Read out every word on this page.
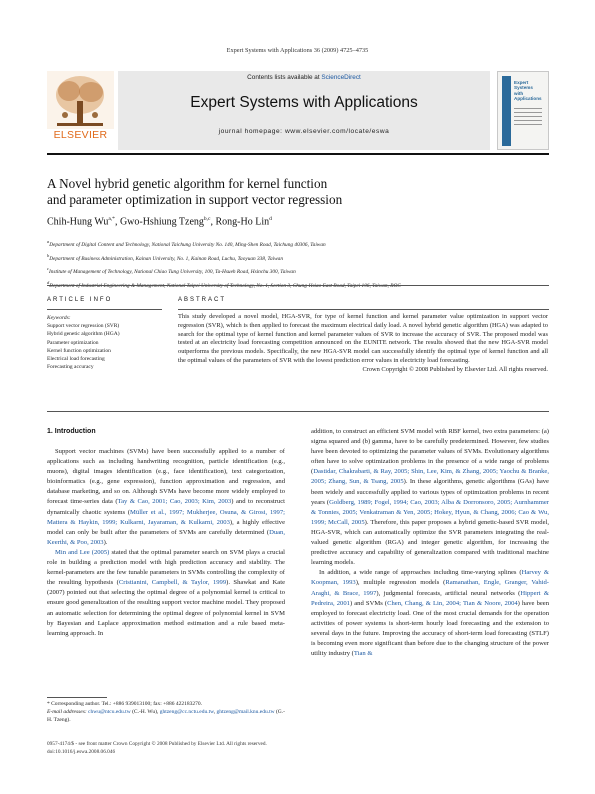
Expert Systems with Applications 36 (2009) 4725–4735
ELSEVIER
Contents lists available at ScienceDirect
Expert Systems with Applications
journal homepage: www.elsevier.com/locate/eswa
Expert
Systems
with
Applications
A Novel hybrid genetic algorithm for kernel function
and parameter optimization in support vector regression
Chih-Hung $Wu^{a,*}$, Gwo-Hshiung Tzeng$^{b,c}$, Rong-Ho Lin$^d$
$^a$Department of Digital Content and Technology, National Taichung University No. 140, Ming-Shen Road, Taichung 40306, Taiwan
$^b$Department of Business Administration, Kainan University, No. 1, Kainan Road, Luchu, Taoyuan 338, Taiwan
$^c$Institute of Management of Technology, National Chiao Tung University, 100, Ta-Hsueh Road, Hsinchu 300, Taiwan
$^d$Department of Industrial Engineering & Management, National Taipei University of Technology, No. 1, Section 3, Chung-Hsiao East Road, Taipei 106, Taiwan, ROC
ARTICLE INFO
Keywords:
Support vector regression (SVR)
Hybrid genetic algorithm (HGA)
Parameter optimization
Kernel function optimization
Electrical load forecasting
Forecasting accuracy
ABSTRACT
This study developed a novel model, HGA-SVR, for type of kernel function and kernel parameter value optimization in support vector regression (SVR), which is then applied to forecast the maximum electrical daily load. A novel hybrid genetic algorithm (HGA) was adapted to search for the optimal type of kernel function and kernel parameter values of SVR to increase the accuracy of SVR. The proposed model was tested at an electricity load forecasting competition announced on the EUNITE network. The results showed that the new HGA-SVR model outperforms the previous models. Specifically, the new HGA-SVR model can successfully identify the optimal type of kernel function and all the optimal values of the parameters of SVR with the lowest prediction error values in electricity load forecasting.
Crown Copyright © 2008 Published by Elsevier Ltd. All rights reserved.
1. Introduction

Support vector machines (SVMs) have been successfully applied to a number of applications such as including handwriting recognition, particle identification (e.g., muons), digital images identification (e.g., face identification), text categorization, bioinformatics (e.g., gene expression), function approximation and regression, and database marketing, and so on. Although SVMs have become more widely employed to forecast time-series data (Tay & Cao, 2001; Cao, 2003; Kim, 2003) and to reconstruct dynamically chaotic systems (Müller et al., 1997; Mukherjee, Osuna, & Girosi, 1997; Mattera & Haykin, 1999; Kulkarni, Jayaraman, & Kulkarni, 2003), a highly effective model can only be built after the parameters of SVMs are carefully determined (Duan, Keerthi, & Poo, 2003).

Min and Lee (2005) stated that the optimal parameter search on SVM plays a crucial role in building a prediction model with high prediction accuracy and stability. The kernel-parameters are the few tunable parameters in SVMs controlling the complexity of the resulting hypothesis (Cristianini, Campbell, & Taylor, 1999). Shawkat and Kate (2007) pointed out that selecting the optimal degree of a polynomial kernel is critical to ensure good generalization of the resulting support vector machine model. They proposed an automatic selection for determining the optimal degree of polynomial kernel in SVM by Bayesian and Laplace approximation method estimation and a rule based meta-learning approach. In

addition, to construct an efficient SVM model with RBF kernel, two extra parameters: (a) sigma squared and (b) gamma, have to be carefully predetermined. However, few studies have been devoted to optimizing the parameter values of SVMs. Evolutionary algorithms often have to solve optimization problems in the presence of a wide range of problems (Dastidar, Chakrabarti, & Ray, 2005; Shin, Lee, Kim, & Zhang, 2005; Yaochu & Branke, 2005; Zhang, Sun, & Tsang, 2005). In these algorithms, genetic algorithms (GAs) have been widely and successfully applied to various types of optimization problems in recent years (Goldberg, 1989; Fogel, 1994; Cao, 2003; Alba & Dorronsoro, 2005; Aurnhammer & Tonnies, 2005; Venkatraman & Yen, 2005; Hokey, Hyun, & Chang, 2006; Cao & Wu, 1999; McCall, 2005). Therefore, this paper proposes a hybrid genetic-based SVR model, HGA-SVR, which can automatically optimize the SVR parameters integrating the real-valued genetic algorithm (RGA) and integer genetic algorithm, for increasing the predictive accuracy and capability of generalization compared with traditional machine learning models.

In addition, a wide range of approaches including time-varying splines (Harvey & Koopman, 1993), multiple regression models (Ramanathan, Engle, Granger, Vahid-Araghi, & Brace, 1997), judgmental forecasts, artificial neural networks (Hippert & Pedreira, 2001) and SVMs (Chen, Chang, & Lin, 2004; Tian & Noore, 2004) have been employed to forecast electricity load. One of the most crucial demands for the operation activities of power systems is short-term hourly load forecasting and the extension to several days in the future. Improving the accuracy of short-term load forecasting (STLF) is becoming even more significant than before due to the changing structure of the power utility industry (Tian &

* Corresponding author. Tel.: +886 939013100; fax: +886 422183270.
E-mail addresses: chwu@ntcu.edu.tw (C.-H. Wu), ghtzeng@cc.nctu.edu.tw, ghtzeng@mail.knu.edu.tw (G.-H. Tzeng).
0957-4174/$ - see front matter Crown Copyright © 2008 Published by Elsevier Ltd. All rights reserved.
doi:10.1016/j.eswa.2008.06.046
